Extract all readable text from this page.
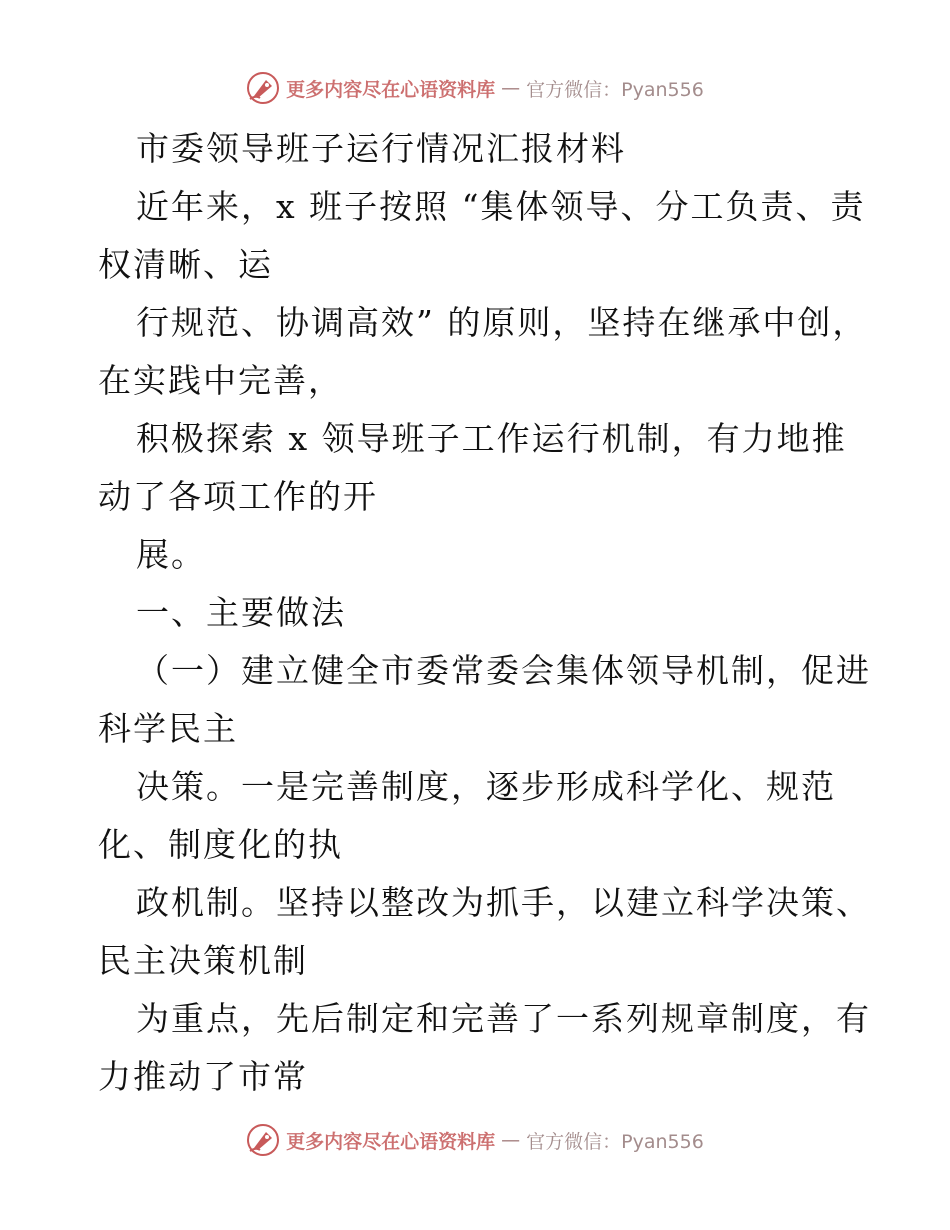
更多内容尽在心语资料库 — 官方微信：Pyan556
市委领导班子运行情况汇报材料
近年来，x 班子按照 “集体领导、分工负责、责
权清晰、运
行规范、协调高效” 的原则，坚持在继承中创，
在实践中完善，
积极探索 x 领导班子工作运行机制，有力地推
动了各项工作的开
展。
一、主要做法
（一）建立健全市委常委会集体领导机制，促进
科学民主
决策。一是完善制度，逐步形成科学化、规范
化、制度化的执
政机制。坚持以整改为抓手，以建立科学决策、
民主决策机制
为重点，先后制定和完善了一系列规章制度，有
力推动了市常
更多内容尽在心语资料库 — 官方微信：Pyan556
